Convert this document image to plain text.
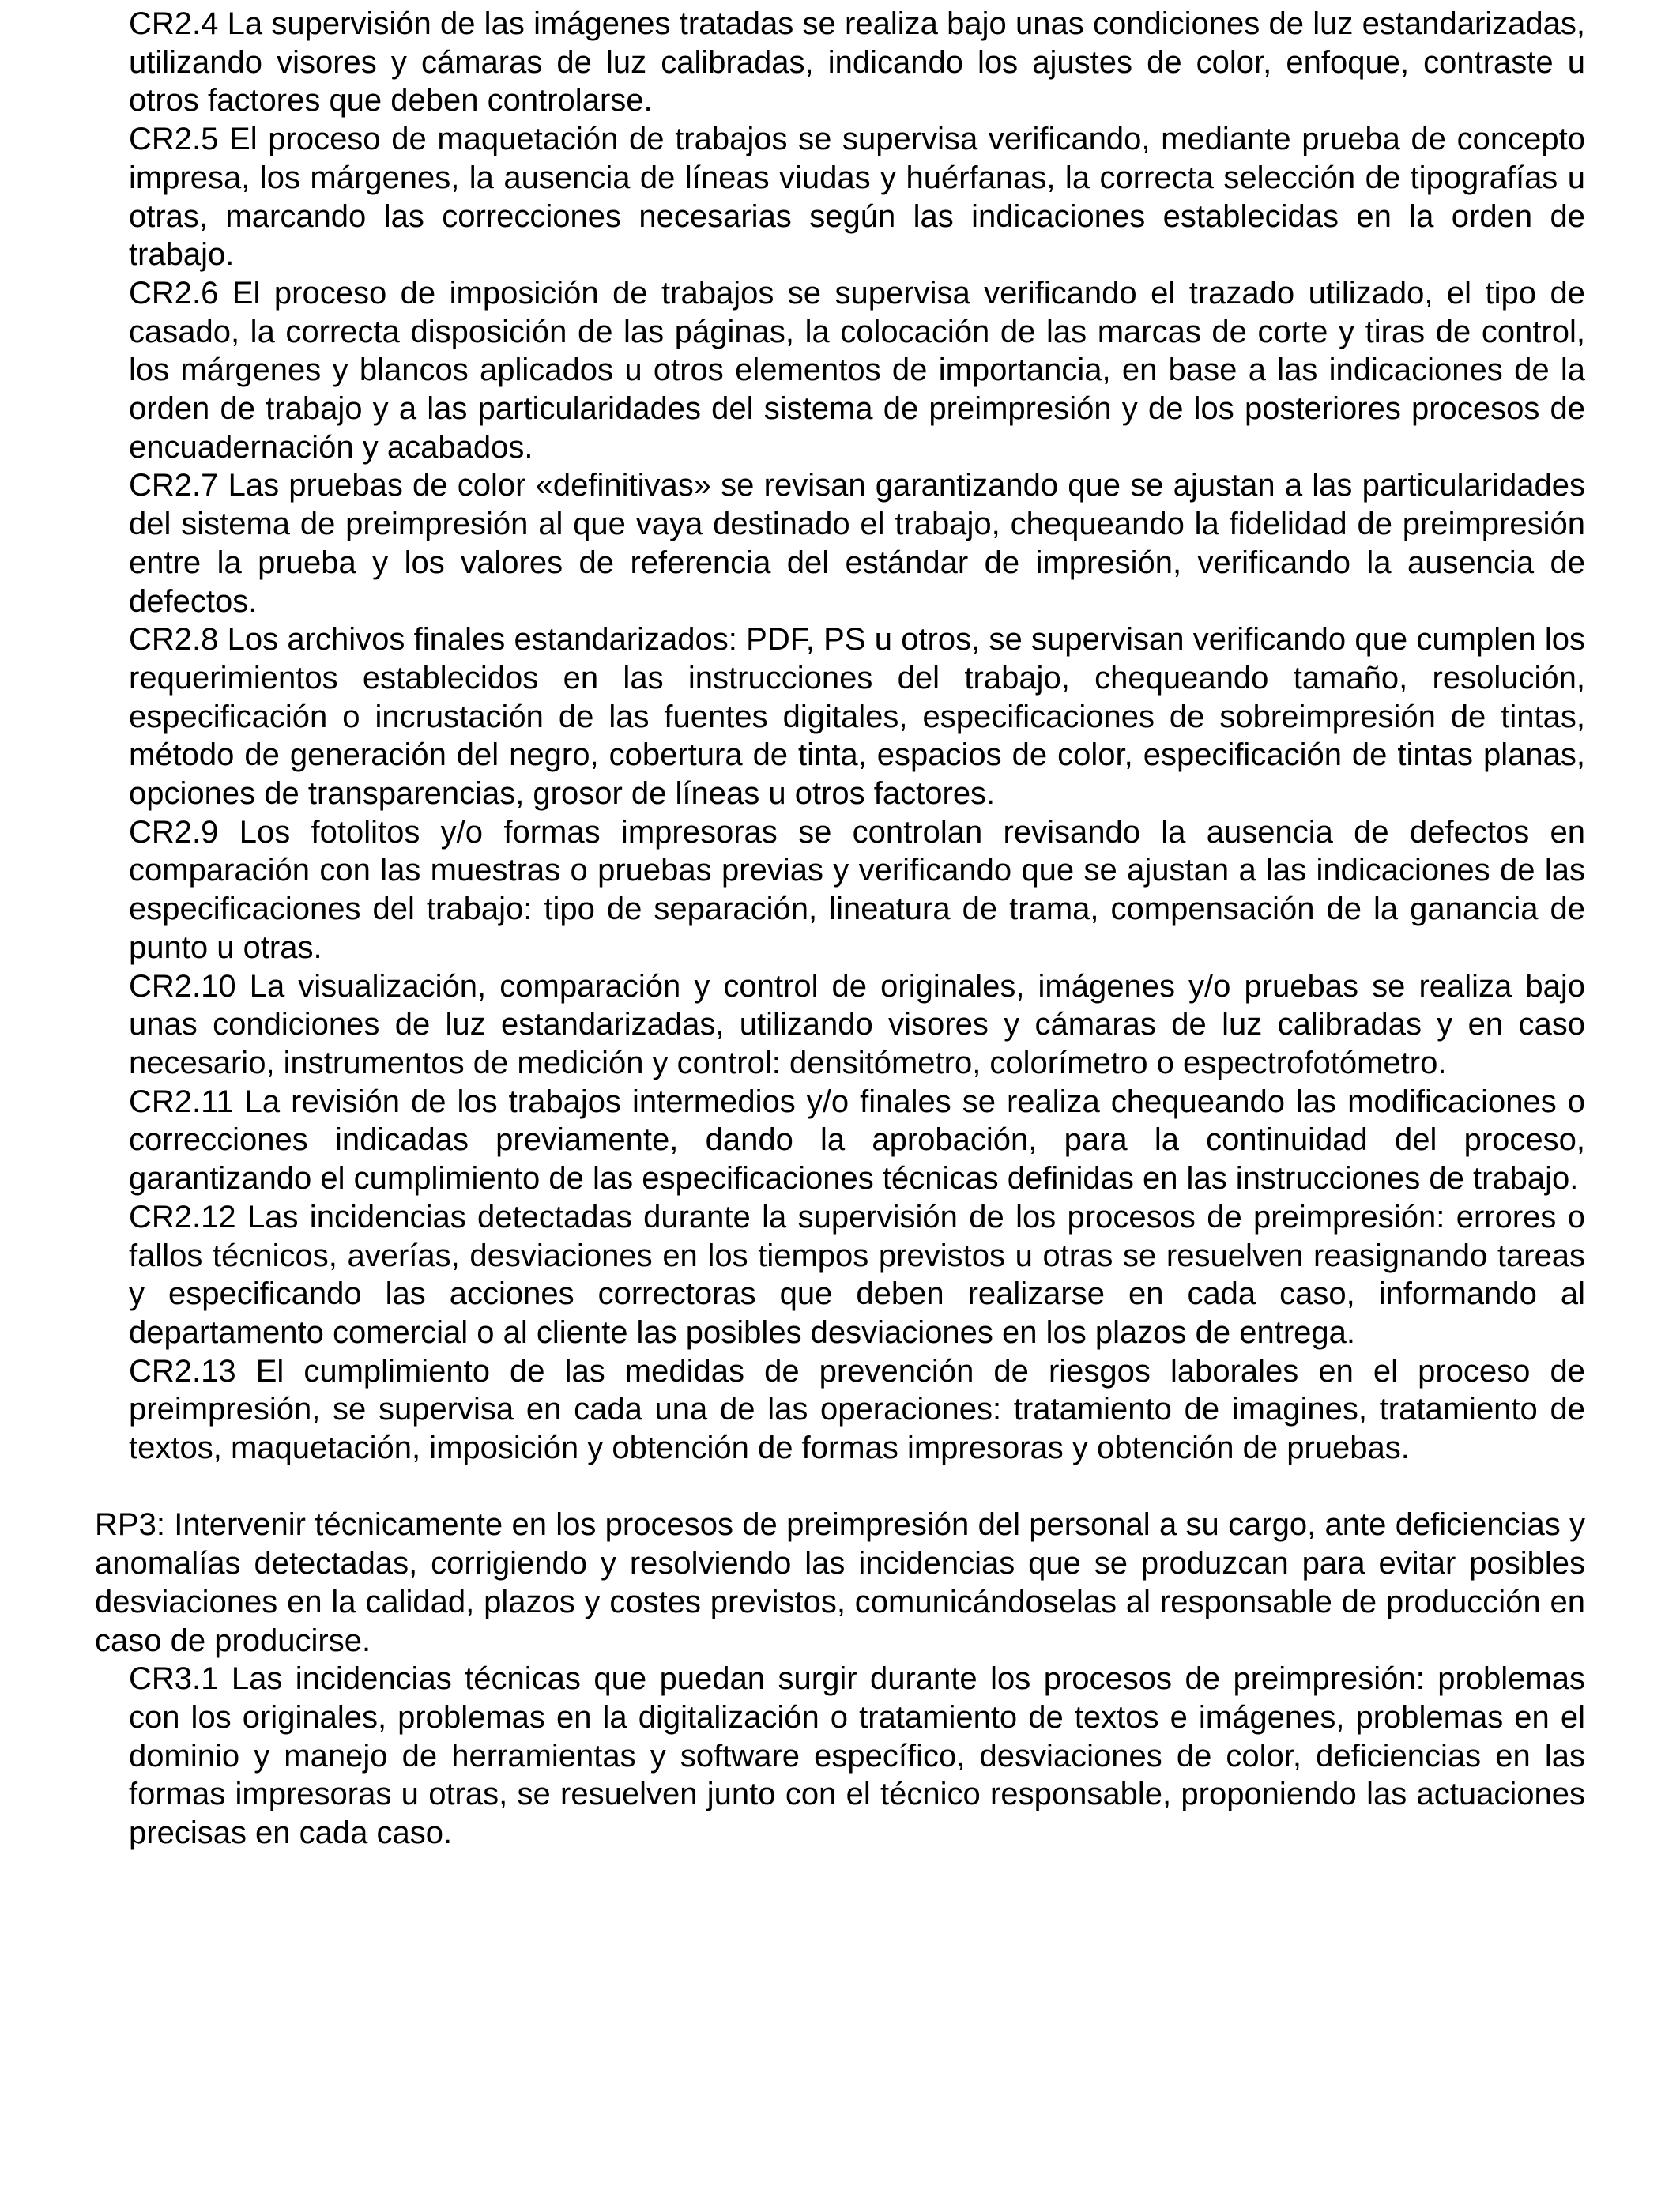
CR2.4 La supervisión de las imágenes tratadas se realiza bajo unas condiciones de luz estandarizadas, utilizando visores y cámaras de luz calibradas, indicando los ajustes de color, enfoque, contraste u otros factores que deben controlarse.

CR2.5 El proceso de maquetación de trabajos se supervisa verificando, mediante prueba de concepto impresa, los márgenes, la ausencia de líneas viudas y huérfanas, la correcta selección de tipografías u otras, marcando las correcciones necesarias según las indicaciones establecidas en la orden de trabajo.

CR2.6 El proceso de imposición de trabajos se supervisa verificando el trazado utilizado, el tipo de casado, la correcta disposición de las páginas, la colocación de las marcas de corte y tiras de control, los márgenes y blancos aplicados u otros elementos de importancia, en base a las indicaciones de la orden de trabajo y a las particularidades del sistema de preimpresión y de los posteriores procesos de encuadernación y acabados.

CR2.7 Las pruebas de color «definitivas» se revisan garantizando que se ajustan a las particularidades del sistema de preimpresión al que vaya destinado el trabajo, chequeando la fidelidad de preimpresión entre la prueba y los valores de referencia del estándar de impresión, verificando la ausencia de defectos.

CR2.8 Los archivos finales estandarizados: PDF, PS u otros, se supervisan verificando que cumplen los requerimientos establecidos en las instrucciones del trabajo, chequeando tamaño, resolución, especificación o incrustación de las fuentes digitales, especificaciones de sobreimpresión de tintas, método de generación del negro, cobertura de tinta, espacios de color, especificación de tintas planas, opciones de transparencias, grosor de líneas u otros factores.

CR2.9 Los fotolitos y/o formas impresoras se controlan revisando la ausencia de defectos en comparación con las muestras o pruebas previas y verificando que se ajustan a las indicaciones de las especificaciones del trabajo: tipo de separación, lineatura de trama, compensación de la ganancia de punto u otras.

CR2.10 La visualización, comparación y control de originales, imágenes y/o pruebas se realiza bajo unas condiciones de luz estandarizadas, utilizando visores y cámaras de luz calibradas y en caso necesario, instrumentos de medición y control: densitómetro, colorímetro o espectrofotómetro.

CR2.11 La revisión de los trabajos intermedios y/o finales se realiza chequeando las modificaciones o correcciones indicadas previamente, dando la aprobación, para la continuidad del proceso, garantizando el cumplimiento de las especificaciones técnicas definidas en las instrucciones de trabajo.

CR2.12 Las incidencias detectadas durante la supervisión de los procesos de preimpresión: errores o fallos técnicos, averías, desviaciones en los tiempos previstos u otras se resuelven reasignando tareas y especificando las acciones correctoras que deben realizarse en cada caso, informando al departamento comercial o al cliente las posibles desviaciones en los plazos de entrega.

CR2.13 El cumplimiento de las medidas de prevención de riesgos laborales en el proceso de preimpresión, se supervisa en cada una de las operaciones: tratamiento de imagines, tratamiento de textos, maquetación, imposición y obtención de formas impresoras y obtención de pruebas.

RP3: Intervenir técnicamente en los procesos de preimpresión del personal a su cargo, ante deficiencias y anomalías detectadas, corrigiendo y resolviendo las incidencias que se produzcan para evitar posibles desviaciones en la calidad, plazos y costes previstos, comunicándoselas al responsable de producción en caso de producirse.

CR3.1 Las incidencias técnicas que puedan surgir durante los procesos de preimpresión: problemas con los originales, problemas en la digitalización o tratamiento de textos e imágenes, problemas en el dominio y manejo de herramientas y software específico, desviaciones de color, deficiencias en las formas impresoras u otras, se resuelven junto con el técnico responsable, proponiendo las actuaciones precisas en cada caso.
